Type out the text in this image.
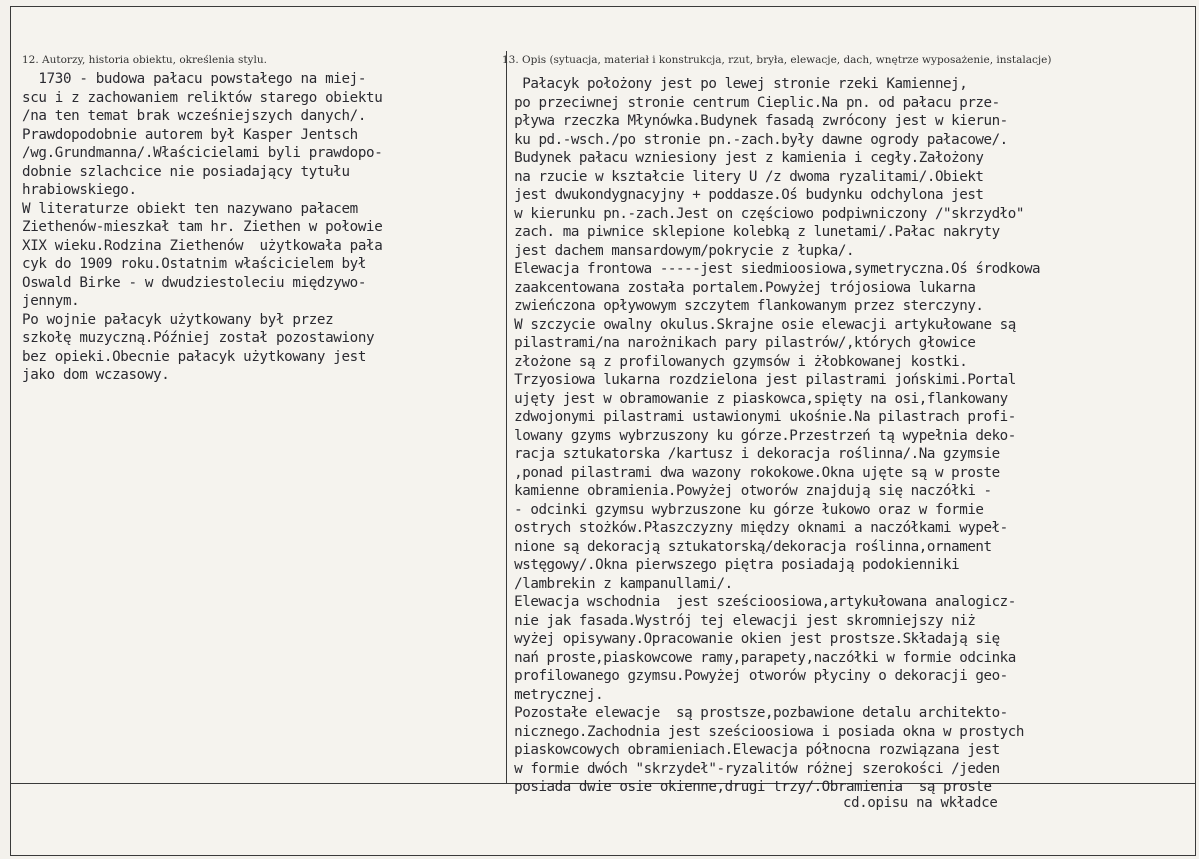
12. Autorzy, historia obiektu, określenia stylu.	13. Opis (sytuacja, materiał i konstrukcja, rzut, bryła, elewacje, dach, wnętrze wyposażenie, instalacje)
1730 - budowa pałacu powstałego na miej-
scu i z zachowaniem reliktów starego obiektu
/na ten temat brak wcześniejszych danych/.
Prawdopodobnie autorem był Kasper Jentsch
/wg.Grundmanna/.Właścicielami byli prawdopo-
dobnie szlachcice nie posiadający tytułu
hrabiowskiego.
W literaturze obiekt ten nazywano pałacem
Ziethenów-mieszkał tam hr. Ziethen w połowie
XIX wieku.Rodzina Ziethenów  użytkowała pała
cyk do 1909 roku.Ostatnim właścicielem był
Oswald Birke - w dwudziestoleciu międzywo-
jennym.
Po wojnie pałacyk użytkowany był przez
szkołę muzyczną.Później został pozostawiony
bez opieki.Obecnie pałacyk użytkowany jest
jako dom wczasowy.
Pałacyk położony jest po lewej stronie rzeki Kamiennej,
po przeciwnej stronie centrum Cieplic.Na pn. od pałacu prze-
pływa rzeczka Młynówka.Budynek fasadą zwrócony jest w kierun-
ku pd.-wsch./po stronie pn.-zach.były dawne ogrody pałacowe/.
Budynek pałacu wzniesiony jest z kamienia i cegły.Założony
na rzucie w kształcie litery U /z dwoma ryzalitami/.Obiekt
jest dwukondygnacyjny + poddasze.Oś budynku odchylona jest
w kierunku pn.-zach.Jest on częściowo podpiwniczony /"skrzydło"
zach. ma piwnice sklepione kolebką z lunetami/.Pałac nakryty
jest dachem mansardowym/pokrycie z łupka/.
Elewacja frontowa -----jest siedmioosiowa,symetryczna.Oś środkowa
zaakcentowana została portalem.Powyżej trójosiowa lukarna
zwieńczona opływowym szczytem flankowanym przez sterczyny.
W szczycie owalny okulus.Skrajne osie elewacji artykułowane są
pilastrami/na narożnikach pary pilastrów/,których głowice
złożone są z profilowanych gzymsów i żłobkowanej kostki.
Trzyosiowa lukarna rozdzielona jest pilastrami jońskimi.Portal
ujęty jest w obramowanie z piaskowca,spięty na osi,flankowany
zdwojonymi pilastrami ustawionymi ukośnie.Na pilastrach profi-
lowany gzyms wybrzuszony ku górze.Przestrzeń tą wypełnia deko-
racja sztukatorska /kartusz i dekoracja roślinna/.Na gzymsie
,ponad pilastrami dwa wazony rokokowe.Okna ujęte są w proste
kamienne obramienia.Powyżej otworów znajdują się naczółki -
- odcinki gzymsu wybrzuszone ku górze łukowo oraz w formie
ostrych stożków.Płaszczyzny między oknami a naczółkami wypeł-
nione są dekoracją sztukatorską/dekoracja roślinna,ornament
wstęgowy/.Okna pierwszego piętra posiadają podokienniki
/lambrekin z kampanullami/.
Elewacja wschodnia  jest sześcioosiowa,artykułowana analogicz-
nie jak fasada.Wystrój tej elewacji jest skromniejszy niż
wyżej opisywany.Opracowanie okien jest prostsze.Składają się
nań proste,piaskowcowe ramy,parapety,naczółki w formie odcinka
profilowanego gzymsu.Powyżej otworów płyciny o dekoracji geo-
metrycznej.
Pozostałe elewacje  są prostsze,pozbawione detalu architekto-
nicznego.Zachodnia jest sześcioosiowa i posiada okna w prostych
piaskowcowych obramieniach.Elewacja północna rozwiązana jest
w formie dwóch "skrzydeł"-ryzalitów różnej szerokości /jeden
posiada dwie osie okienne,drugi trzy/.Obramienia  są proste
cd.opisu na wkładce
